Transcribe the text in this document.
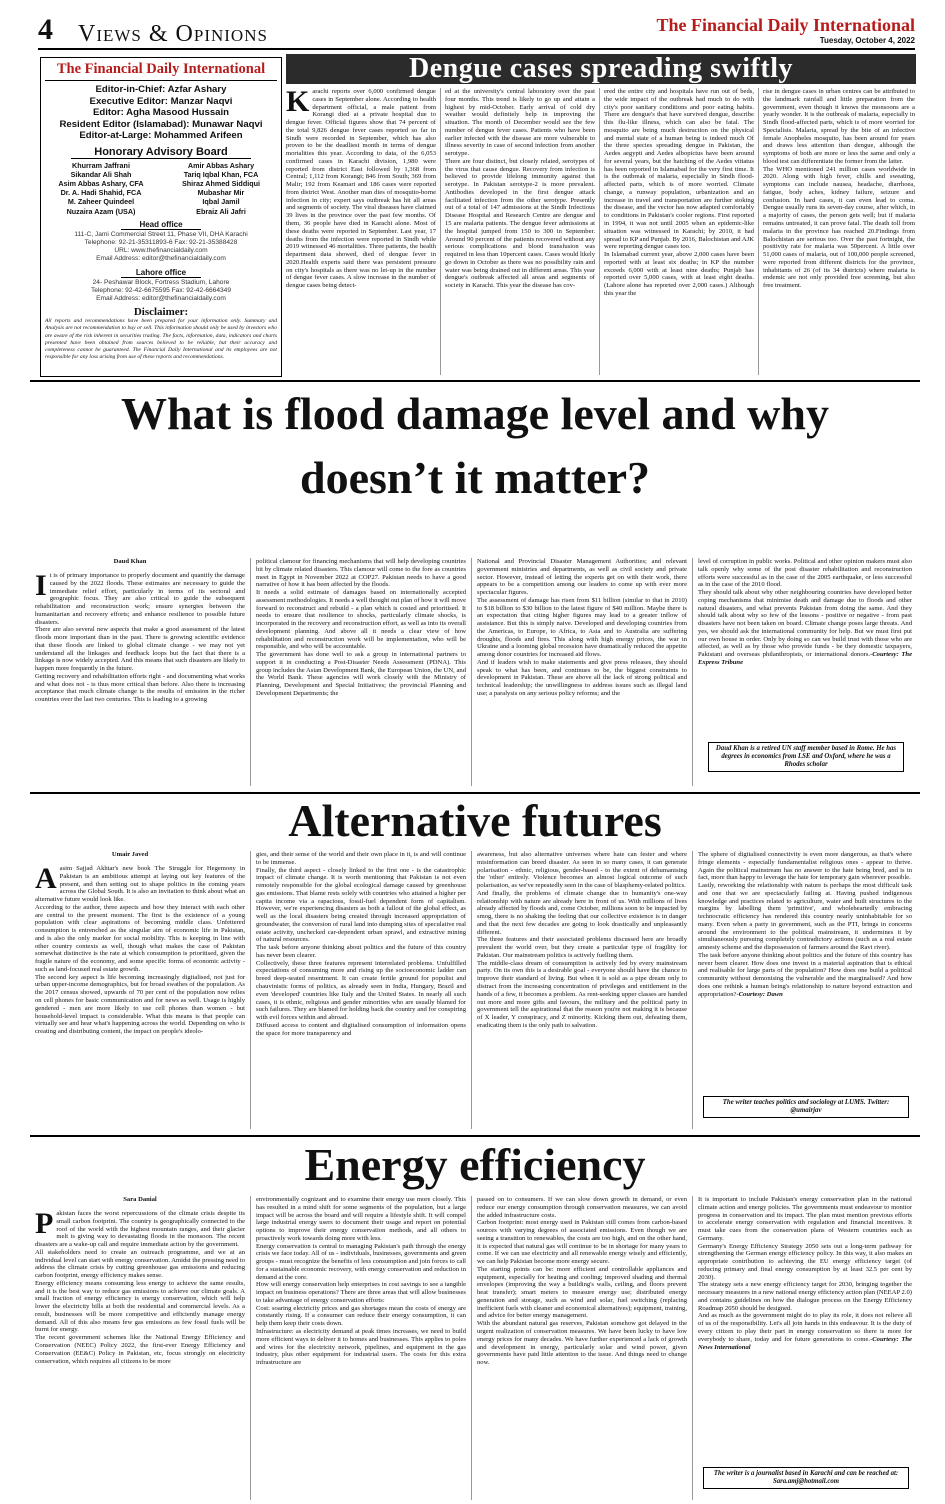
4 Views & Opinions	The Financial Daily International
Tuesday, October 4, 2022
The Financial Daily International
Editor-in-Chief: Azfar Ashary
Executive Editor: Manzar Naqvi
Editor: Agha Masood Hussain
Resident Editor (Islamabad): Munawar Naqvi
Editor-at-Large: Mohammed Arifeen
Honorary Advisory Board
Khurram Jaffrani
Sikandar Ali Shah
Asim Abbas Ashary, CFA
Dr. A. Hadi Shahid, FCA
M. Zaheer Quindeel
Nuzaira Azam (USA)
Amir Abbas Ashary
Tariq Iqbal Khan, FCA
Shiraz Ahmed Siddiqui
Mubashar Mir
Iqbal Jamil
Ebraiz Ali Jafri
Head office
111-C, Jami Commercial Street 11, Phase VII, DHA Karachi
Telephone: 92-21-35311893-6 Fax: 92-21-35388428
URL: www.thefinancialdaily.com
Email Address: editor@thefinancialdaily.com
Lahore office
24- Peshawar Block, Fortress Stadium, Lahore
Telephone: 92-42-6675595 Fax: 92-42-6664349
Email Address: editor@thefinancialdaily.com
Disclaimer:
All reports and recommendations have been prepared for your information only. Summary and Analysis are not recommendation to buy or sell. This information should only be used by investors who are aware of the risk inherent in securities trading. The facts, information, data, indicators and charts presented have been obtained from sources believed to be reliable, but their accuracy and completeness cannot be guaranteed. The Financial Daily International and its employees are not responsible for any loss arising from use of these reports and recommendations.
Dengue cases spreading swiftly
Karachi reports over 6,000 confirmed dengue cases in September alone. According to health department official, a male patient from Korangi died at a private hospital due to dengue fever. Official figures show that 74 percent of the total 9,826 dengue fever cases reported so far in Sindh were recorded in September, which has also proven to be the deadliest month in terms of dengue mortalities this year. According to data, of the 6,053 confirmed cases in Karachi division, 1,980 were reported from district East followed by 1,368 from Central; 1,112 from Korangi; 846 from South; 369 from Malir; 192 from Keamari and 186 cases were reported from district West. Another man dies of mosquito-borne infection in city; expert says outbreak has hit all areas and segments of society. The viral diseases have claimed 39 lives in the province over the past few months. Of them, 36 people have died in Karachi alone. Most of these deaths were reported in September. Last year, 17 deaths from the infection were reported in Sindh while 2019 witnessed 46 mortalities. Three patients, the health department data showed, died of dengue fever in 2020.Health experts said there was persistent pressure on city's hospitals as there was no let-up in the number of dengue fever cases. A slow increase in the number of dengue cases being detect-
ed at the university's central laboratory over the past four months. This trend is likely to go up and attain a highest by mid-October. Early arrival of cold dry weather would definitely help in improving the situation. The month of December would see the few number of dengue fever cases. Patients who have been earlier infected with the disease are more vulnerable to illness severity in case of second infection from another serotype.
There are four distinct, but closely related, serotypes of the virus that cause dengue. Recovery from infection is believed to provide lifelong immunity against that serotype. In Pakistan serotype-2 is more prevalent. Antibodies developed in the first dengue attack facilitated infection from the other serotype. Presently out of a total of 147 admissions at the Sindh Infectious Disease Hospital and Research Centre are dengue and 15 are malaria patients. The dengue fever admissions at the hospital jumped from 150 to 300 in September. Around 90 percent of the patients recovered without any serious complications and blood transfusion was required in less than 10percent cases. Cases would likely go down in October as there was no possibility rain and water was being drained out in different areas. This year dengue's outbreak affected all areas and segments of society in Karachi. This year the disease has cov-
ered the entire city and hospitals have run out of beds, the wide impact of the outbreak had much to do with city's poor sanitary conditions and poor eating habits. There are dengue's that have survived dengue, describe this flu-like illness, which can also be fatal. The mosquito are being much destruction on the physical and mental state of a human being is indeed much Of the three species spreading dengue in Pakistan, the Aedes aegypti and Aedes albopictus have been around for several years, but the hatching of the Aedes vittatus has been reported in Islamabad for the very first time. It is the outbreak of malaria, especially in Sindh flood-affected parts, which is of more worried. Climate change, a runway population, urbanization and an increase in travel and transportation are further stoking the disease, and the vector has now adapted comfortably to conditions in Pakistan's cooler regions. First reported in 1994, it was not until 2005 when an epidemic-like situation was witnessed in Karachi; by 2010, it had spread to KP and Punjab. By 2016, Balochistan and AJK were reporting dengue cases too.
In Islamabad current year, above 2,000 cases have been reported with at least six deaths; in KP the number exceeds 6,000 with at least nine deaths; Punjab has reported over 5,000 cases, with at least eight deaths. (Lahore alone has reported over 2,000 cases.) Although this year the
rise in dengue cases in urban centres can be attributed to the landmark rainfall and little preparation from the government, even though it knows the monsoons are a yearly wonder. It is the outbreak of malaria, especially in Sindh flood-affected parts, which is of more worried for Specialists. Malaria, spread by the bite of an infective female Anopheles mosquito, has been around for years and draws less attention than dengue, although the symptoms of both are more or less the same and only a blood test can differentiate the former from the latter.
The WHO mentioned 241 million cases worldwide in 2020. Along with high fever, chills and sweating, symptoms can include nausea, headache, diarrhoea, fatigue, body aches, kidney failure, seizure and confusion. In hard cases, it can even lead to coma. Dengue usually runs its seven-day course, after which, in a majority of cases, the person gets well; but if malaria remains untreated, it can prove fatal. The death toll from malaria in the province has reached 20.Findings from Balochistan are serious too. Over the past fortnight, the positivity rate for malaria was 50percent. A little over 51,000 cases of malaria, out of 100,000 people screened, were reported from different districts for the province, inhabitants of 26 (of its 34 districts) where malaria is endemic are not only provided free screening, but also free treatment.
What is flood damage level and why
doesn’t it matter?
Daud Khan
It is of primary importance to properly document and quantify the damage caused by the 2022 floods. These estimates are necessary to guide the immediate relief effort, particularly in terms of its sectoral and geographic focus. They are also critical to guide the subsequent rehabilitation and reconstruction work; ensure synergies between the humanitarian and recovery efforts; and enhance resilience to possible future disasters.
There are also several new aspects that make a good assessment of the latest floods more important than in the past. There is growing scientific evidence that these floods are linked to global climate change - we may not yet understand all the linkages and feedback loops but the fact that there is a linkage is now widely accepted. And this means that such disasters are likely to happen more frequently in the future.
Getting recovery and rehabilitation efforts right - and documenting what works and what does not - is thus more critical than before. Also there is increasing acceptance that much climate change is the results of emission in the richer countries over the last two centuries. This is leading to a growing
political clamour for financing mechanisms that will help developing countries hit by climate related disasters. This clamour will come to the fore as countries meet in Egypt in November 2022 at COP27. Pakistan needs to have a good narrative of how it has been affected by the floods.
It needs a solid estimate of damages based on internationally accepted assessment methodologies. It needs a well thought out plan of how it will move forward to reconstruct and rebuild - a plan which is costed and prioritised. It needs to ensure that resilience to shocks, particularly climate shocks, is incorporated in the recovery and reconstruction effort, as well as into its overall development planning. And above all it needs a clear view of how rehabilitation and reconstruction work will be implementation, who will be responsible, and who will be accountable.
The government has done well to ask a group in international partners to support it in conducting a Post-Disaster Needs Assessment (PDNA). This group includes the Asian Development Bank, the European Union, the UN, and the World Bank. These agencies will work closely with the Ministry of Planning, Development and Special Initiatives; the provincial Planning and Development Departments; the
National and Provincial Disaster Management Authorities; and relevant government ministries and departments, as well as civil society and private sector. However, instead of letting the experts get on with their work, there appears to be a competition among our leaders to come up with ever more spectacular figures.
The assessment of damage has risen from $11 billion (similar to that in 2010) to $18 billion to $30 billion to the latest figure of $40 million. Maybe there is an expectation that citing higher figures may lead to a greater inflow of assistance. But this is simply naive. Developed and developing countries from the Americas, to Europe, to Africa, to Asia and to Australia are suffering droughts, floods and fires. This along with high energy prices, the war in Ukraine and a looming global recession have dramatically reduced the appetite among donor countries for increased aid flows.
And if leaders wish to make statements and give press releases, they should speak to what has been, and continues to be, the biggest constraints to development in Pakistan. These are above all the lack of strong political and technical leadership; the unwillingness to address issues such as illegal land use; a paralysis on any serious policy reforms; and the
level of corruption in public works. Political and other opinion makers must also talk openly why some of the post disaster rehabilitation and reconstruction efforts were successful as in the case of the 2005 earthquake, or less successful as in the case of the 2010 flood.
They should talk about why other neighbouring countries have developed better coping mechanisms that minimise death and damage due to floods and other natural disasters, and what prevents Pakistan from doing the same. And they should talk about why so few of the lessons - positive or negative - from past disasters have not been taken on board. Climate change poses large threats. And yes, we should ask the international community for help. But we must first put our own house in order. Only by doing so can we build trust with those who are affected, as well as by those who provide funds - be they domestic taxpayers, Pakistani and overseas philanthropists, or international donors.-Courtesy: The Express Tribune
Daud Khan is a retired UN staff member based in Rome. He has degrees in economics from LSE and Oxford, where he was a Rhodes scholar
Alternative futures
Umair Javed
Aasim Sajjad Akhtar's new book The Struggle for Hegemony in Pakistan is an ambitious attempt at laying out key features of the present, and then setting out to shape politics in the coming years across the Global South. It is also an invitation to think about what an alternative future would look like.
According to the author, three aspects and how they interact with each other are central to the present moment. The first is the existence of a young population with clear aspirations of becoming middle class. Unfettered consumption is entrenched as the singular aim of economic life in Pakistan, and is also the only marker for social mobility. This is keeping in line with other country contexts as well, though what makes the case of Pakistan somewhat distinctive is the rate at which consumption is prioritised, given the fragile nature of the economy, and some specific forms of economic activity - such as land-focused real estate growth.
The second key aspect is life becoming increasingly digitalised, not just for urban upper-income demographics, but for broad swathes of the population. As the 2017 census showed, upwards of 70 per cent of the population now relies on cell phones for basic communication and for news as well. Usage is highly gendered - men are more likely to use cell phones than women - but household-level impact is considerable. What this means is that people can virtually see and hear what's happening across the world. Depending on who is creating and distributing content, the impact on people's ideolo-
gies, and their sense of the world and their own place in it, is and will continue to be immense.
Finally, the third aspect - closely linked to the first one - is the catastrophic impact of climate change. It is worth mentioning that Pakistan is not even remotely responsible for the global ecological damage caused by greenhouse gas emissions. That blame rests solely with countries who attained a higher per capita income via a rapacious, fossil-fuel dependent form of capitalism. However, we're experiencing disasters as both a fallout of the global effect, as well as the local disasters being created through increased appropriation of groundwater, the conversion of rural land into dumping sites of speculative real estate activity, unchecked car-dependent urban sprawl, and extractive mining of natural resources.
The task before anyone thinking about politics and the future of this country has never been clearer.
Collectively, these three features represent interrelated problems. Unfulfilled expectations of consuming more and rising up the socioeconomic ladder can breed deep-seated resentment. It can create fertile ground for populist and chauvinistic forms of politics, as already seen in India, Hungary, Brazil and even 'developed' countries like Italy and the United States. In nearly all such cases, it is ethnic, religious and gender minorities who are usually blamed for such failures. They are blamed for holding back the country and for conspiring with evil forces within and abroad.
Diffused access to content and digitalised consumption of information opens the space for more transparency and
awareness, but also alternative universes where hate can fester and where misinformation can breed disaster. As seen in so many cases, it can generate polarisation - ethnic, religious, gender-based - to the extent of dehumanising the 'other' entirely. Violence becomes an almost logical outcome of such polarisation, as we've repeatedly seen in the case of blasphemy-related politics.
And finally, the problems of climate change due to humanity's one-way relationship with nature are already here in front of us. With millions of lives already affected by floods and, come October, millions soon to be impacted by smog, there is no shaking the feeling that our collective existence is in danger and that the next few decades are going to look drastically and unpleasantly different.
The three features and their associated problems discussed here are broadly prevalent the world over, but they create a particular type of fragility for Pakistan. Our mainstream politics is actively fuelling them.
The middle-class dream of consumption is actively fed by every mainstream party. On its own this is a desirable goal - everyone should have the chance to improve their standard of living. But when it is sold as a pipe dream only to distract from the increasing concentration of privileges and entitlement in the hands of a few, it becomes a problem. As rent-seeking upper classes are handed out more and more gifts and favours, the military and the political party in government tell the aspirational that the reason you're not making it is because of X leader, Y conspiracy, and Z minority. Kicking them out, defeating them, eradicating them is the only path to salvation.
The sphere of digitalised connectivity is even more dangerous, as that's where fringe elements - especially fundamentalist religious ones - appear to thrive. Again the political mainstream has no answer to the hate being bred, and is in fact, more than happy to leverage the hate for temporary gain wherever possible.
Lastly, reworking the relationship with nature is perhaps the most difficult task and one that we are spectacularly failing at. Having pushed indigenous knowledge and practices related to agriculture, water and built structures to the margins by labelling them 'primitive', and wholeheartedly embracing technocratic efficiency has rendered this country nearly uninhabitable for so many. Even when a party in government, such as the PTI, brings in concerns around the environment to the political mainstream, it undermines it by simultaneously pursuing completely contradictory actions (such as a real estate amnesty scheme and the dispossession of farmers around the Ravi river).
The task before anyone thinking about politics and the future of this country has never been clearer. How does one invest in a material aspiration that is ethical and realisable for large parts of the population? How does one build a political community without demonising the vulnerable and the marginalised? And how does one rethink a human being's relationship to nature beyond extraction and appropriation?-Courtesy: Dawn
The writer teaches politics and sociology at LUMS. Twitter: @umairjav
Energy efficiency
Sara Danial
Pakistan faces the worst repercussions of the climate crisis despite its small carbon footprint. The country is geographically connected to the roof of the world with the highest mountain ranges, and their glacier melt is giving way to devastating floods in the monsoon. The recent disasters are a wake-up call and require immediate action by the government.
All stakeholders need to create an outreach programme, and we at an individual level can start with energy conservation. Amidst the pressing need to address the climate crisis by cutting greenhouse gas emissions and reducing carbon footprint, energy efficiency makes sense.
Energy efficiency means consuming less energy to achieve the same results, and it is the best way to reduce gas emissions to achieve our climate goals. A small fraction of energy efficiency is energy conservation, which will help lower the electricity bills at both the residential and commercial levels. As a result, businesses will be more competitive and efficiently manage energy demand. All of this also means few gas emissions as few fossil fuels will be burnt for energy.
The recent government schemes like the National Energy Efficiency and Conservation (NEEC) Policy 2022, the first-ever Energy Efficiency and Conservation (EE&C) Policy in Pakistan, etc, focus strongly on electricity conservation, which requires all citizens to be more
environmentally cognizant and to examine their energy use more closely. This has resulted in a mind shift for some segments of the population, but a large impact will be across the board and will require a lifestyle shift. It will compel large industrial energy users to document their usage and report on potential options to improve their energy conservation methods, and all others to proactively work towards doing more with less.
Energy conservation is central to managing Pakistan's path through the energy crisis we face today. All of us - individuals, businesses, governments and green groups - must recognize the benefits of less consumption and join forces to call for a sustainable economic recovery, with energy conservation and reduction in demand at the core.
How will energy conservation help enterprises in cost savings to see a tangible impact on business operations? There are three areas that will allow businesses to take advantage of energy conservation efforts:
Cost: soaring electricity prices and gas shortages mean the costs of energy are constantly rising. If a consumer can reduce their energy consumption, it can help them keep their costs down.
Infrastructure: as electricity demand at peak times increases, we need to build more efficient ways to deliver it to homes and businesses. This applies to poles and wires for the electricity network, pipelines, and equipment in the gas industry, plus other equipment for industrial users. The costs for this extra infrastructure are
passed on to consumers. If we can slow down growth in demand, or even reduce our energy consumption through conservation measures, we can avoid the added infrastructure costs.
Carbon footprint: most energy used in Pakistan still comes from carbon-based sources with varying degrees of associated emissions. Even though we are seeing a transition to renewables, the costs are too high, and on the other hand, it is expected that natural gas will continue to be in shortage for many years to come. If we can use electricity and all renewable energy wisely and efficiently, we can help Pakistan become more energy secure.
The starting points can be: more efficient and controllable appliances and equipment, especially for heating and cooling; improved shading and thermal envelopes (improving the way a building's walls, ceiling, and floors prevent heat transfer); smart meters to measure energy use; distributed energy generation and storage, such as wind and solar, fuel switching (replacing inefficient fuels with cleaner and economical alternatives); equipment, training, and advice for better energy management.
With the abundant natural gas reserves, Pakistan somehow got delayed in the urgent realization of conservation measures. We have been lucky to have low energy prices for many decades. We have further experienced a lack of growth and development in energy, particularly solar and wind power, given governments have paid little attention to the issue. And things need to change now.
It is important to include Pakistan's energy conservation plan in the national climate action and energy policies. The governments must endeavour to monitor progress in conservation and its impact. The plan must mention previous efforts to accelerate energy conservation with regulation and financial incentives. It must take cues from the conservation plans of Western countries such as Germany.
Germany's Energy Efficiency Strategy 2050 sets out a long-term pathway for strengthening the German energy efficiency policy. In this way, it also makes an appropriate contribution to achieving the EU energy efficiency target (of reducing primary and final energy consumption by at least 32.5 per cent by 2030).
The strategy sets a new energy efficiency target for 2030, bringing together the necessary measures in a new national energy efficiency action plan (NEEAP 2.0) and contains guidelines on how the dialogue process on the Energy Efficiency Roadmap 2050 should be designed.
And as much as the government might do to play its role, it does not relieve all of us of the responsibility. Let's all join hands in this endeavour. It is the duty of every citizen to play their part in energy conservation so there is more for everybody to share, today and for future generations to come.-Courtesy: The News International
The writer is a journalist based in Karachi and can be reached at: Sara.amj@hotmail.com
